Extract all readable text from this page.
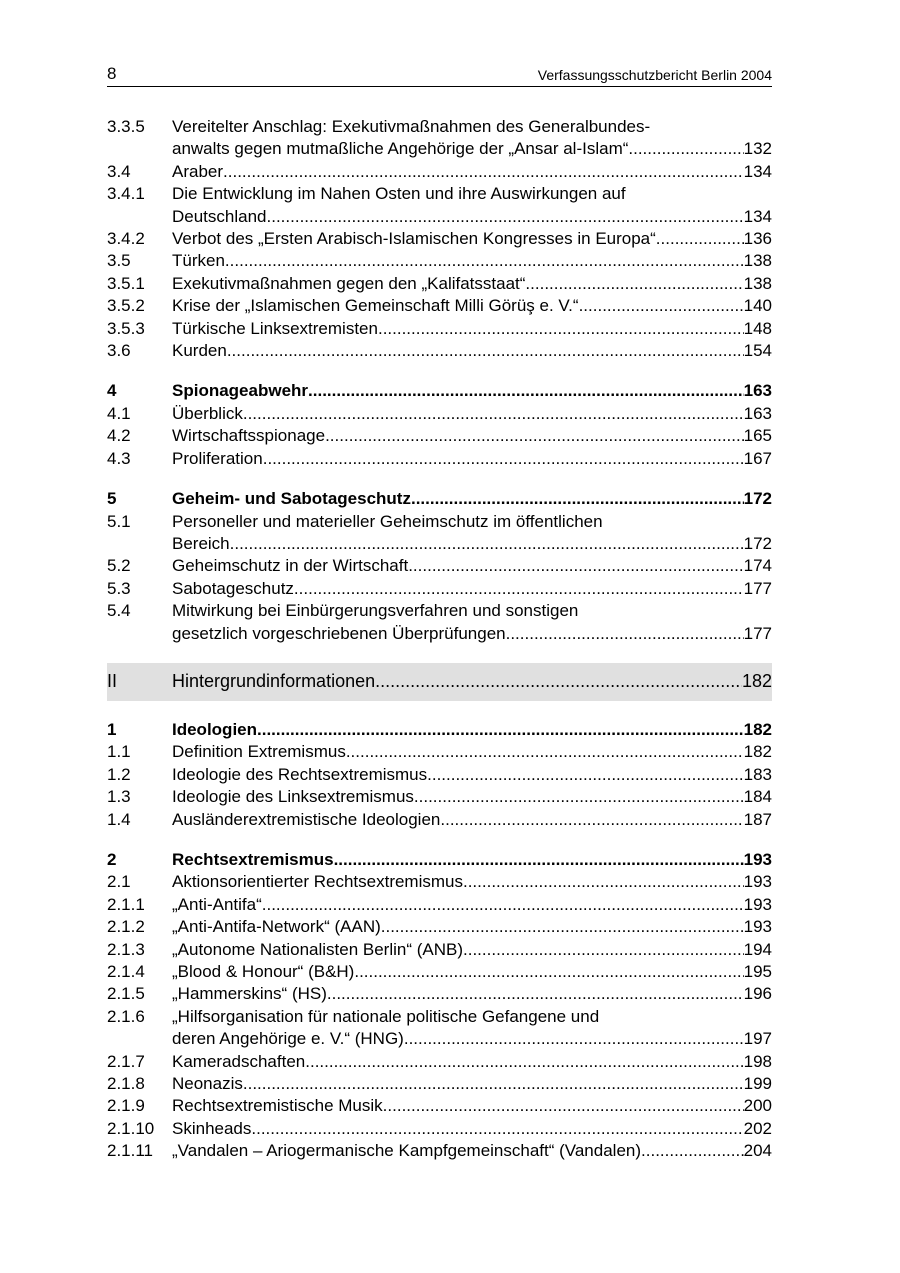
8	Verfassungsschutzbericht Berlin 2004
3.3.5	Vereitelter Anschlag: Exekutivmaßnahmen des Generalbundes-
anwalts gegen mutmaßliche Angehörige der „Ansar al-Islam“ .....	132
3.4	Araber .....	134
3.4.1	Die Entwicklung im Nahen Osten und ihre Auswirkungen auf
Deutschland .....	134
3.4.2	Verbot des „Ersten Arabisch-Islamischen Kongresses in Europa“ .....	136
3.5	Türken .....	138
3.5.1	Exekutivmaßnahmen gegen den „Kalifatsstaat“ .....	138
3.5.2	Krise der „Islamischen Gemeinschaft Milli Görüş e. V.“ .....	140
3.5.3	Türkische Linksextremisten .....	148
3.6	Kurden .....	154
4	Spionageabwehr .....	163
4.1	Überblick .....	163
4.2	Wirtschaftsspionage .....	165
4.3	Proliferation .....	167
5	Geheim- und Sabotageschutz .....	172
5.1	Personeller und materieller Geheimschutz im öffentlichen
Bereich .....	172
5.2	Geheimschutz in der Wirtschaft .....	174
5.3	Sabotageschutz .....	177
5.4	Mitwirkung bei Einbürgerungsverfahren und sonstigen
gesetzlich vorgeschriebenen Überprüfungen .....	177
II	Hintergrundinformationen .....	182
1	Ideologien .....	182
1.1	Definition Extremismus .....	182
1.2	Ideologie des Rechtsextremismus .....	183
1.3	Ideologie des Linksextremismus .....	184
1.4	Ausländerextremistische Ideologien .....	187
2	Rechtsextremismus .....	193
2.1	Aktionsorientierter Rechtsextremismus .....	193
2.1.1	„Anti-Antifa“ .....	193
2.1.2	„Anti-Antifa-Network“ (AAN) .....	193
2.1.3	„Autonome Nationalisten Berlin“ (ANB) .....	194
2.1.4	„Blood & Honour“ (B&H) .....	195
2.1.5	„Hammerskins“ (HS) .....	196
2.1.6	„Hilfsorganisation für nationale politische Gefangene und
deren Angehörige e. V.“ (HNG) .....	197
2.1.7	Kameradschaften .....	198
2.1.8	Neonazis .....	199
2.1.9	Rechtsextremistische Musik .....	200
2.1.10	Skinheads .....	202
2.1.11	„Vandalen – Ariogermanische Kampfgemeinschaft“ (Vandalen) .....	204
